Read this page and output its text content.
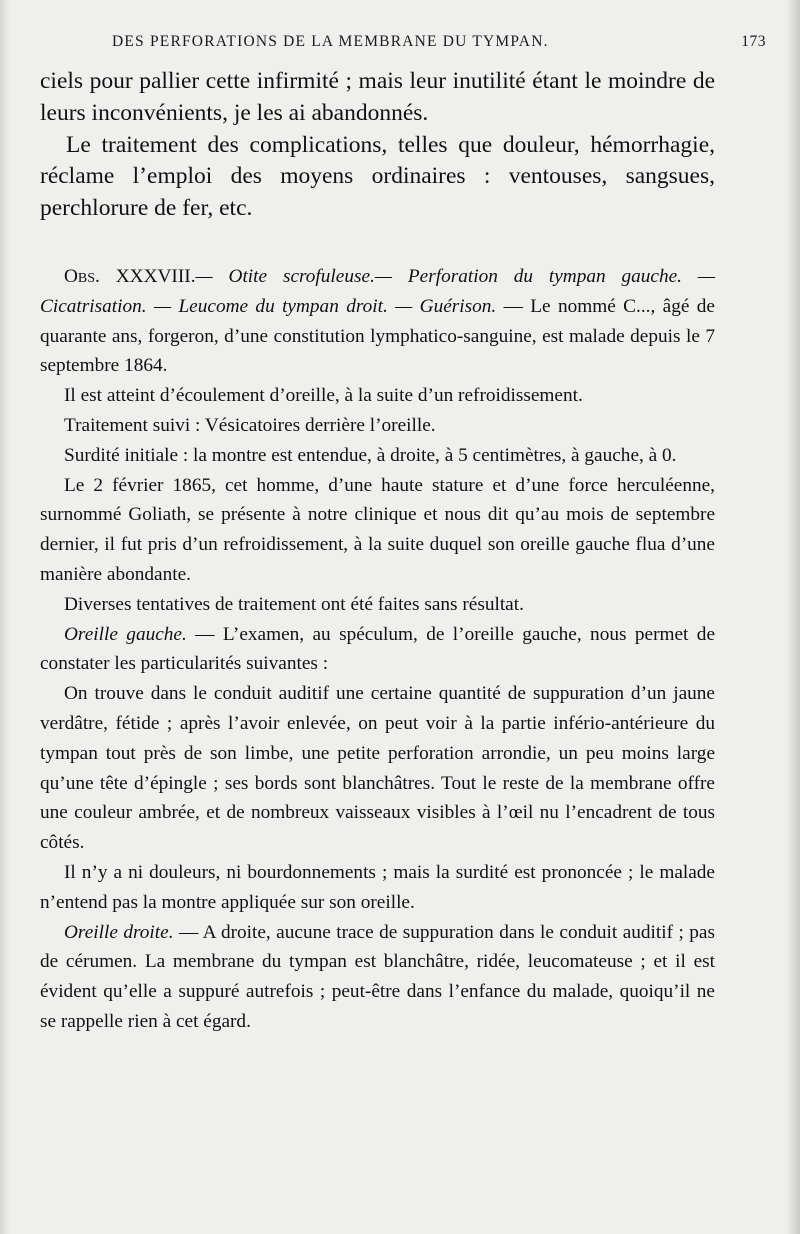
DES PERFORATIONS DE LA MEMBRANE DU TYMPAN.	173

ciels pour pallier cette infirmité ; mais leur inutilité étant le moindre de leurs inconvénients, je les ai abandonnés.

Le traitement des complications, telles que douleur, hémorrhagie, réclame l’emploi des moyens ordinaires : ventouses, sangsues, perchlorure de fer, etc.

Obs. XXXVIII.— Otite scrofuleuse.— Perforation du tympan gauche. — Cicatrisation. — Leucome du tympan droit. — Guérison. — Le nommé C..., âgé de quarante ans, forgeron, d’une constitution lymphatico-sanguine, est malade depuis le 7 septembre 1864.

Il est atteint d’écoulement d’oreille, à la suite d’un refroidissement.

Traitement suivi : Vésicatoires derrière l’oreille.

Surdité initiale : la montre est entendue, à droite, à 5 centimètres, à gauche, à 0.

Le 2 février 1865, cet homme, d’une haute stature et d’une force herculéenne, surnommé Goliath, se présente à notre clinique et nous dit qu’au mois de septembre dernier, il fut pris d’un refroidissement, à la suite duquel son oreille gauche flua d’une manière abondante.

Diverses tentatives de traitement ont été faites sans résultat.

Oreille gauche. — L’examen, au spéculum, de l’oreille gauche, nous permet de constater les particularités suivantes :

On trouve dans le conduit auditif une certaine quantité de suppuration d’un jaune verdâtre, fétide ; après l’avoir enlevée, on peut voir à la partie infério-antérieure du tympan tout près de son limbe, une petite perforation arrondie, un peu moins large qu’une tête d’épingle ; ses bords sont blanchâtres. Tout le reste de la membrane offre une couleur ambrée, et de nombreux vaisseaux visibles à l’œil nu l’encadrent de tous côtés.

Il n’y a ni douleurs, ni bourdonnements ; mais la surdité est prononcée ; le malade n’entend pas la montre appliquée sur son oreille.

Oreille droite. — A droite, aucune trace de suppuration dans le conduit auditif ; pas de cérumen. La membrane du tympan est blanchâtre, ridée, leucomateuse ; et il est évident qu’elle a suppuré autrefois ; peut-être dans l’enfance du malade, quoiqu’il ne se rappelle rien à cet égard.
